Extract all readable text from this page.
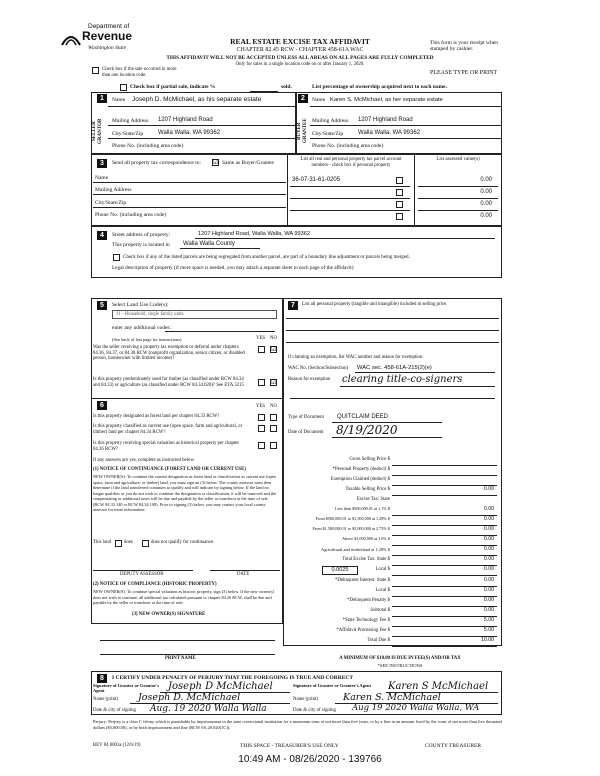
Department of
Revenue
Washington State
REAL ESTATE EXCISE TAX AFFIDAVIT
CHAPTER 82.45 RCW - CHAPTER 458-61A WAC
THIS AFFIDAVIT WILL NOT BE ACCEPTED UNLESS ALL AREAS ON ALL PAGES ARE FULLY COMPLETED
Only for sales in a single location code on or after January 1, 2020.
This form is your receipt when stamped by cashier.
PLEASE TYPE OR PRINT
Check box if the sale occurred in more than one location code.
Check box if partial sale, indicate %	sold.	List percentage of ownership acquired next to each name.
1	2
SELLER GRANTOR	BUYER GRANTEE
Name Joseph D. McMichael, as his separate estate
Mailing Address 1207 Highland Road
City/State/Zip Walla Walla, WA 99362
Phone No. (including area code)
Name Karen S. McMichael, as her separate estate
Mailing Address 1207 Highland Road
City/State/Zip Walla Walla, WA 99362
Phone No. (including area code)
3	Send all property tax correspondence to: ☑ Same as Buyer/Grantee
Name
Mailing Address
City/State/Zip
Phone No. (including area code)
List all real and personal property tax parcel account numbers - check box if personal property
List assessed value(s)
36-07-31-61-0205	0.00
0.00
0.00
0.00
4	Street address of property:	1207 Highland Road, Walla Walla, WA 99362
This property is located in Walla Walla County
Check box if any of the listed parcels are being segregated from another parcel, are part of a boundary line adjustment or parcels being merged.
Legal description of property (if more space is needed, you may attach a separate sheet to each page of the affidavit)
5	Select Land Use Code(s):
11 - Household, single family units
enter any additional codes:
(See back of last page for instructions)	YES NO
Was the seller receiving a property tax exemption or deferral under chapters 84.36, 84.37, or 84.38 RCW (nonprofit organization, senior citizen, or disabled person, homeowner with limited income)?
☑
Is this property predominately used for timber (as classified under RCW 84.34 and 84.33) or agriculture (as classified under RCW 84.34.020)? See ETA 3215	☑
6	YES NO
Is this property designated as forest land per chapter 84.33 RCW?
Is this property classified as current use (open space, farm and agricultural, or timber) land per chapter 84.34 RCW?
Is this property receiving special valuation as historical property per chapter 84.26 RCW?
If any answers are yes, complete as instructed below.
(1) NOTICE OF CONTINUANCE (FOREST LAND OR CURRENT USE)
NEW OWNER(S): To continue the current designation as forest land or classification as current use (open space, farm and agriculture, or timber) land, you must sign on (3) below. The county assessor must then determine if the land transferred continues to qualify and will indicate by signing below. If the land no longer qualifies or you do not wish to continue the designation or classification, it will be removed and the compensating or additional taxes will be due and payable by the seller or transferor at the time of sale. (RCW 84.33.140 or RCW 84.34.108). Prior to signing (3) below, you may contact your local county assessor for more information.
This land	does	does not qualify for continuance.
DEPUTY ASSESSOR	DATE
(2) NOTICE OF COMPLIANCE (HISTORIC PROPERTY)
NEW OWNER(S): To continue special valuation as historic property, sign (3) below. If the new owner(s) does not wish to continue, all additional tax calculated pursuant to chapter 84.26 RCW, shall be due and payable by the seller or transferor at the time of sale.
(3) NEW OWNER(S) SIGNATURE
PRINT NAME
7	List all personal property (tangible and intangible) included in selling price.
If claiming an exemption, list WAC number and reason for exemption:
WAC No. (Section/Subsection) WAC sec. 458-61A-215(2)(e)
Reason for exemption clearing title-co-signers
Type of Document QUITCLAIM DEED
Date of Document 8/19/2020
Gross Selling Price $
*Personal Property (deduct) $
Exemption Claimed (deduct) $
Taxable Selling Price $	0.00
Excise Tax: State
Less than $500,000.01 at 1.1% $	0.00
From $500,000.01 to $1,500,000 at 1.28% $	0.00
From $1,500,000.01 to $3,000,000 at 2.75% $	0.00
Above $3,000,000 at 3.0% $	0.00
Agricultural and timberland at 1.28% $	0.00
Total Excise Tax: State $	0.00
0.0025	Local $	0.00
*Delinquent Interest: State $	0.00
Local $	0.00
*Delinquent Penalty $	0.00
Subtotal $	0.00
*State Technology Fee $	5.00
*Affidavit Processing Fee $	5.00
Total Due $	10.00
A MINIMUM OF $10.00 IS DUE IN FEE(S) AND/OR TAX
*SEE INSTRUCTIONS
8	I CERTIFY UNDER PENALTY OF PERJURY THAT THE FOREGOING IS TRUE AND CORRECT
Signature of Grantor or Grantor's Agent	Joseph D McMichael
Name (print) Joseph D. McMichael
Date & city of signing Aug. 19 2020 Walla Walla
Signature of Grantee or Grantee's Agent	Karen S McMichael
Name (print)	Karen S. McMichael
Date & city of signing Aug 19 2020 Walla Walla, WA
Perjury: Perjury is a class C felony which is punishable by imprisonment in the state correctional institution for a maximum term of not more than five years, or by a fine in an amount fixed by the court of not more than five thousand dollars ($5,000.00), or by both imprisonment and fine (RCW 9A.20.020(1C)).
REV 84 0001a (12/6/19)	THIS SPACE - TREASURER'S USE ONLY	COUNTY TREASURER
10:49 AM - 08/26/2020 - 139766
